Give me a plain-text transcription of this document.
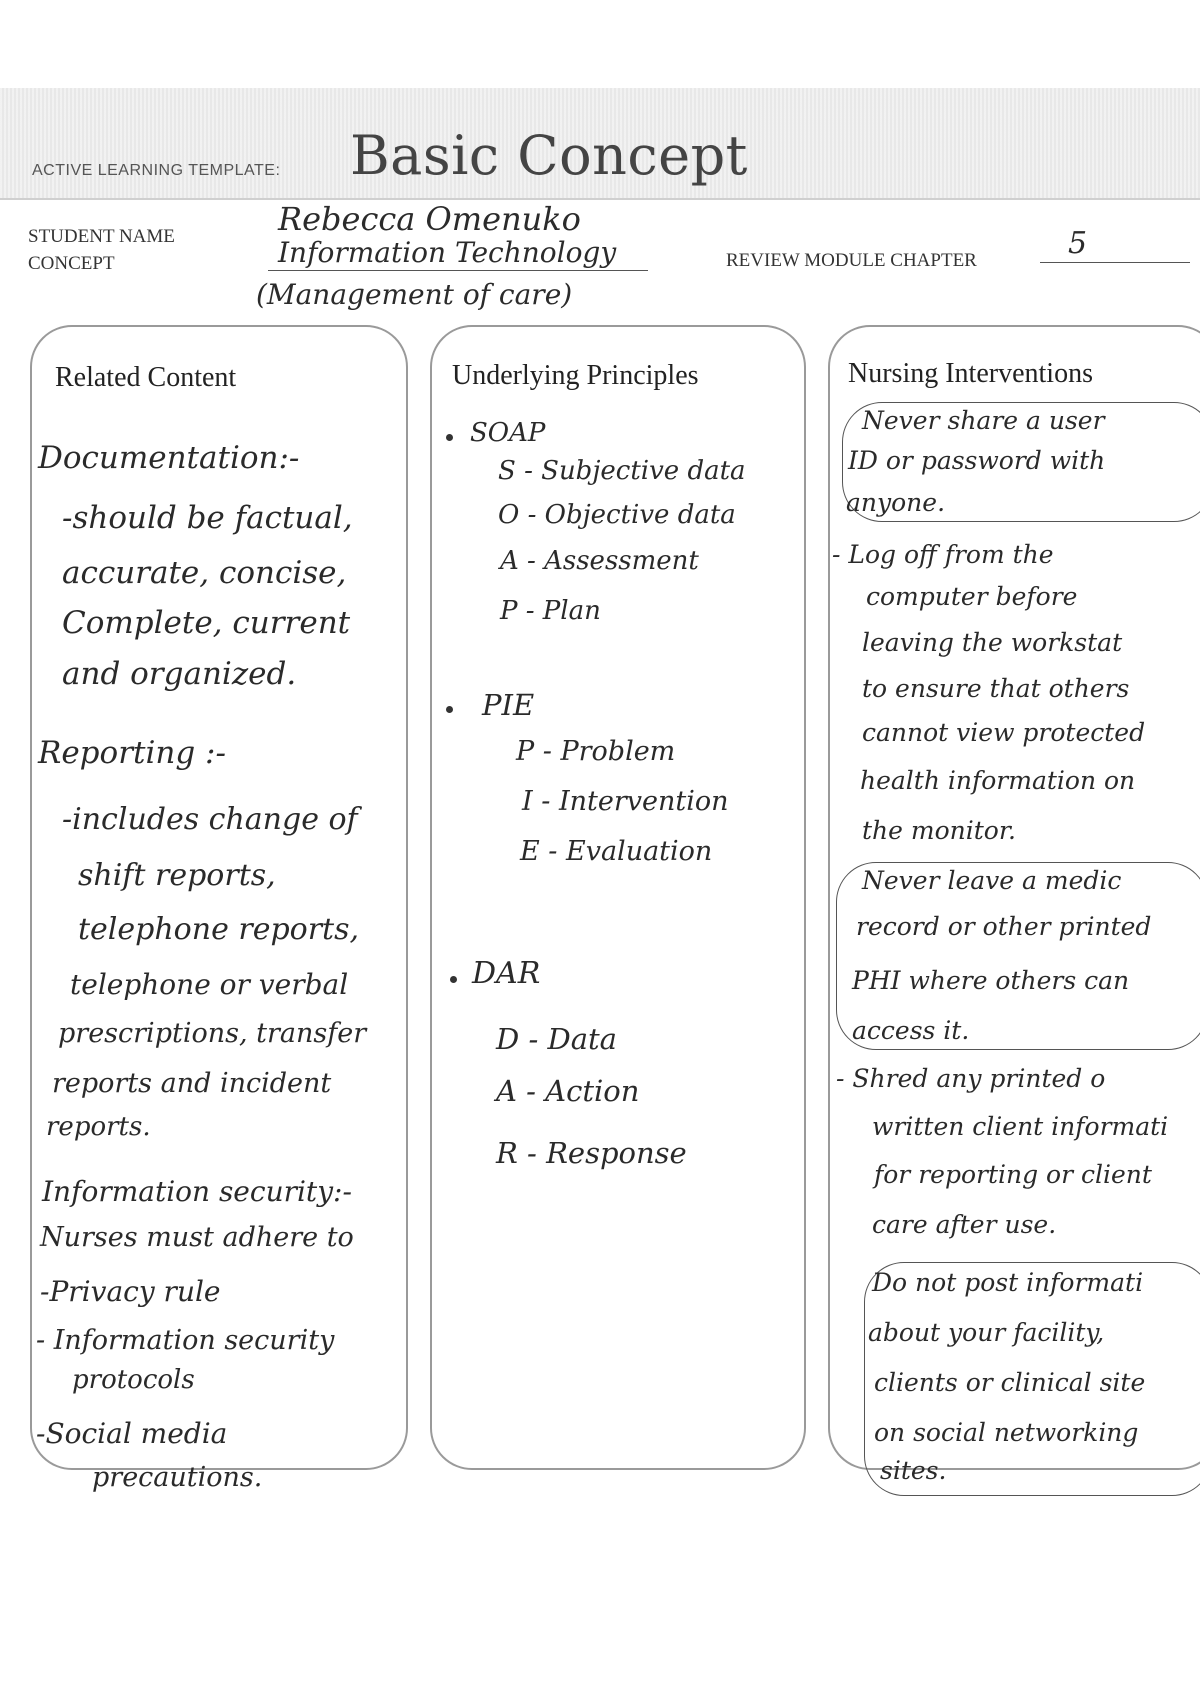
ACTIVE LEARNING TEMPLATE: Basic Concept
STUDENT NAME
CONCEPT
Rebecca Omenuko
Information Technology
(Management of care)
REVIEW MODULE CHAPTER	5
Related Content
Documentation:-
-should be factual,
accurate, concise,
Complete, current
and organized.
Reporting :-
-includes change of
shift reports,
telephone reports,
telephone or verbal
prescriptions, transfer
reports and incident
reports.
Information security:-
Nurses must adhere to
-Privacy rule
- Information security
protocols
-Social media
precautions.
Underlying Principles
SOAP
S - Subjective data
O - Objective data
A - Assessment
P - Plan
PIE
P - Problem
I - Intervention
E - Evaluation
DAR
D - Data
A - Action
R - Response
Nursing Interventions
Never share a user
ID or password with
anyone.
- Log off from the
computer before
leaving the workstat
to ensure that others
cannot view protected
health information on
the monitor.
Never leave a medic
record or other printed
PHI where others can
access it.
- Shred any printed o
written client informati
for reporting or client
care after use.
Do not post informati
about your facility,
clients or clinical site
on social networking
sites.
